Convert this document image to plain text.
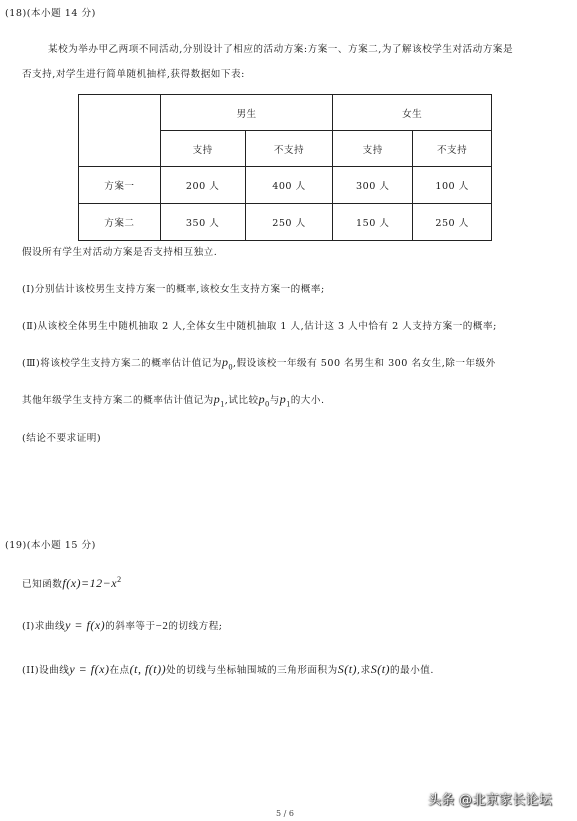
(18)(本小题 14 分)
某校为举办甲乙两项不同活动,分别设计了相应的活动方案:方案一、方案二,为了解该校学生对活动方案是
否支持,对学生进行简单随机抽样,获得数据如下表:
	男生		女生	
	支持	不支持	支持	不支持
方案一	200 人	400 人	300 人	100 人
方案二	350 人	250 人	150 人	250 人
假设所有学生对活动方案是否支持相互独立.
(Ⅰ)分别估计该校男生支持方案一的概率,该校女生支持方案一的概率;
(Ⅱ)从该校全体男生中随机抽取 2 人,全体女生中随机抽取 1 人,估计这 3 人中恰有 2 人支持方案一的概率;
(Ⅲ)将该校学生支持方案二的概率估计值记为$p_0$,假设该校一年级有 500 名男生和 300 名女生,除一年级外
其他年级学生支持方案二的概率估计值记为$p_1$,试比较$p_0$与$p_1$的大小.
(结论不要求证明)
(19)(本小题 15 分)
已知函数$f(x)=12-x^2$
(I)求曲线y = f(x)的斜率等于−2的切线方程;
(II)设曲线y = f(x)在点(t, f(t))处的切线与坐标轴围城的三角形面积为S(t),求S(t)的最小值.
头条 @北京家长论坛
5 / 6
